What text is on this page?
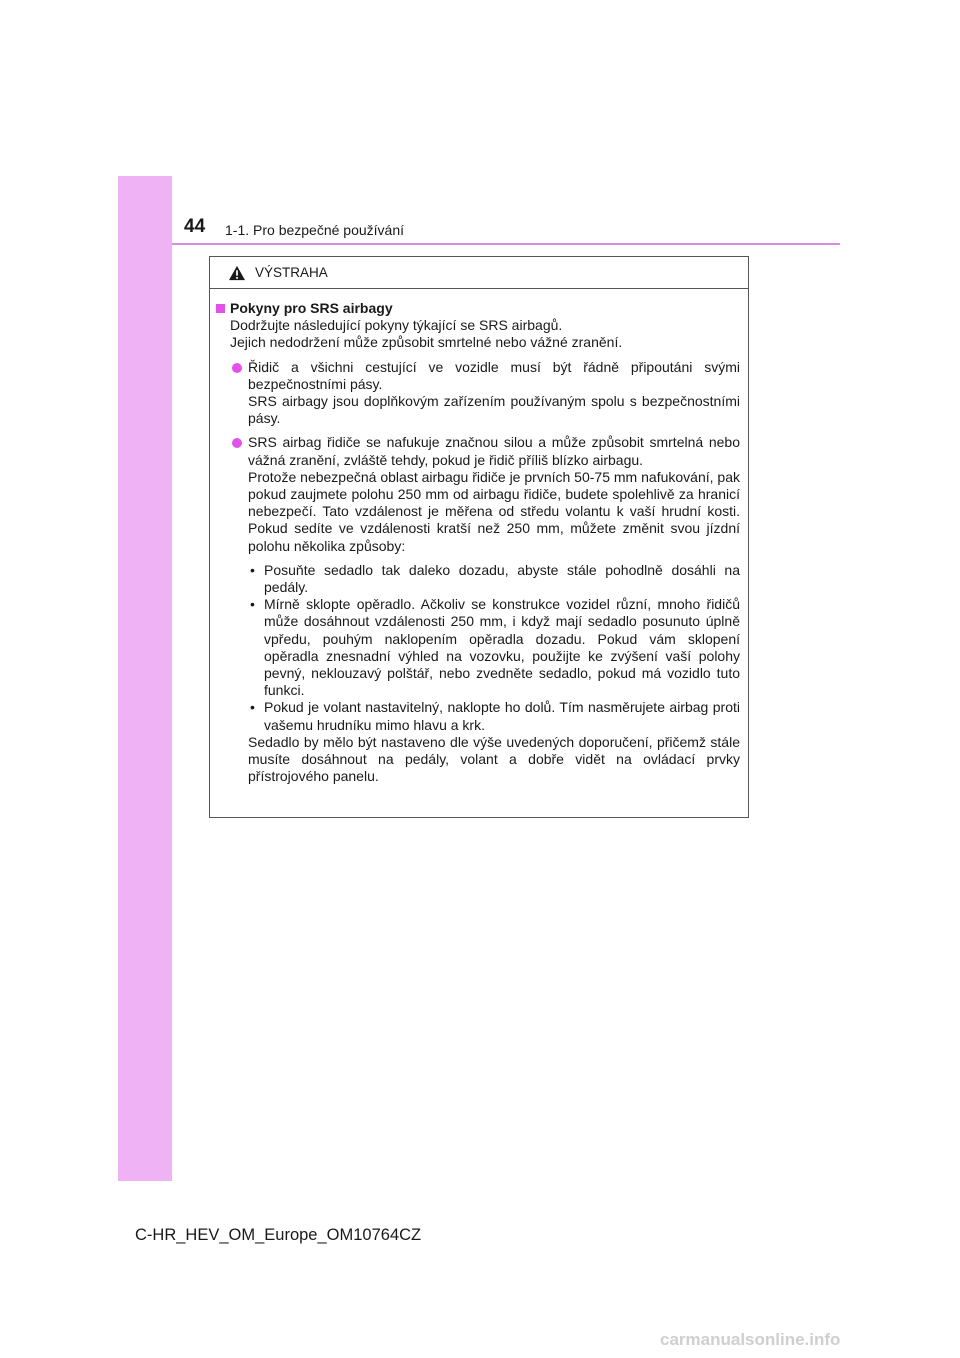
44 1-1. Pro bezpečné používání
VÝSTRAHA
Pokyny pro SRS airbagy

Dodržujte následující pokyny týkající se SRS airbagů.

Jejich nedodržení může způsobit smrtelné nebo vážné zranění.

Řidič a všichni cestující ve vozidle musí být řádně připoutáni svými bezpečnostními pásy.

SRS airbagy jsou doplňkovým zařízením používaným spolu s bezpečnostními pásy.

SRS airbag řidiče se nafukuje značnou silou a může způsobit smrtelná nebo vážná zranění, zvláště tehdy, pokud je řidič příliš blízko airbagu.

Protože nebezpečná oblast airbagu řidiče je prvních 50-75 mm nafukování, pak pokud zaujmete polohu 250 mm od airbagu řidiče, budete spolehlivě za hranicí nebezpečí. Tato vzdálenost je měřena od středu volantu k vaší hrudní kosti. Pokud sedíte ve vzdálenosti kratší než 250 mm, můžete změnit svou jízdní polohu několika způsoby:

• Posuňte sedadlo tak daleko dozadu, abyste stále pohodlně dosáhli na pedály.
• Mírně sklopte opěradlo. Ačkoliv se konstrukce vozidel různí, mnoho řidičů může dosáhnout vzdálenosti 250 mm, i když mají sedadlo posunuto úplně vpředu, pouhým naklopením opěradla dozadu. Pokud vám sklopení opěradla znesnadní výhled na vozovku, použijte ke zvýšení vaší polohy pevný, neklouzavý polštář, nebo zvedněte sedadlo, pokud má vozidlo tuto funkci.
• Pokud je volant nastavitelný, naklopte ho dolů. Tím nasměrujete airbag proti vašemu hrudníku mimo hlavu a krk.

Sedadlo by mělo být nastaveno dle výše uvedených doporučení, přičemž stále musíte dosáhnout na pedály, volant a dobře vidět na ovládací prvky přístrojového panelu.

C-HR_HEV_OM_Europe_OM10764CZ
carmanualsonline.info
